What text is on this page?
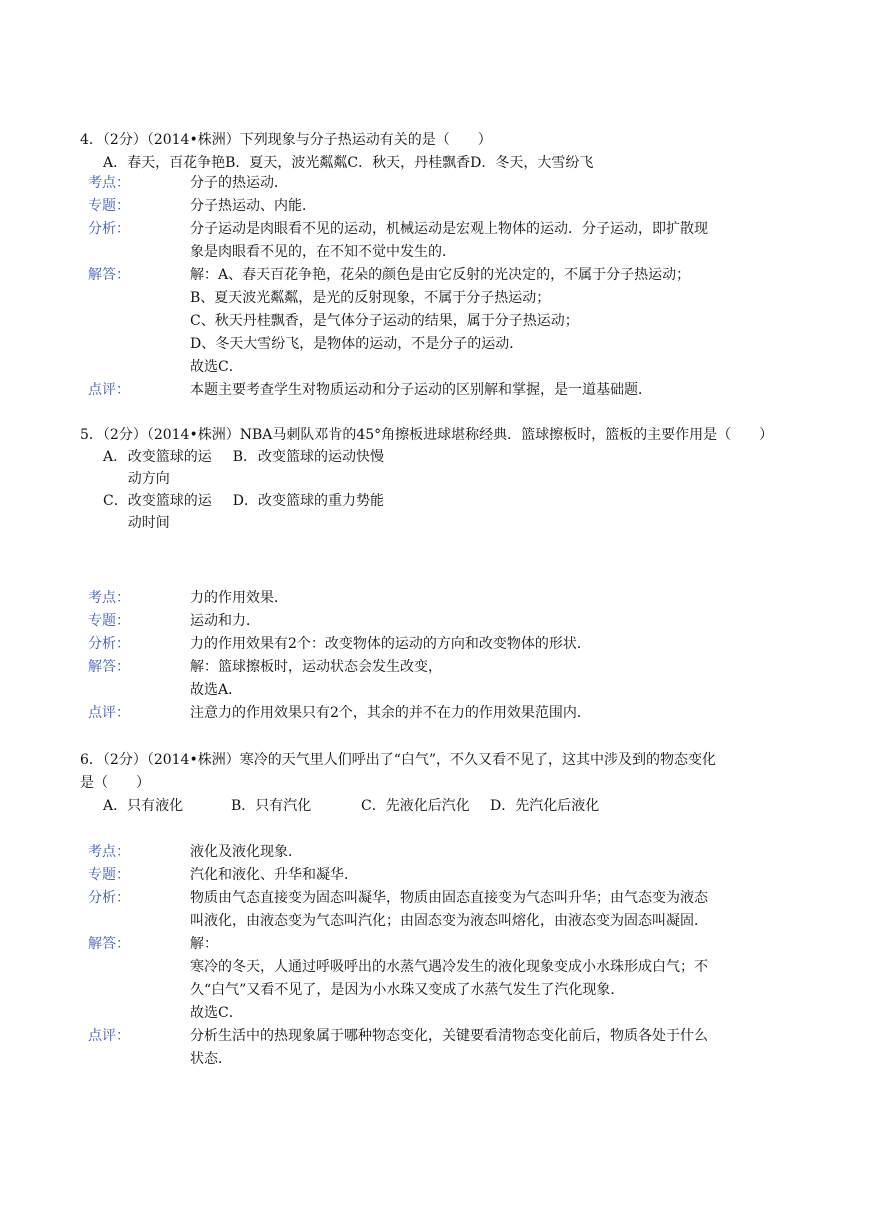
4．（2分）（2014•株洲）下列现象与分子热运动有关的是（　　）
A．春天，百花争艳B．夏天，波光粼粼C．秋天，丹桂飘香D．冬天，大雪纷飞
考点：	分子的热运动．
专题：	分子热运动、内能．
分析：	分子运动是肉眼看不见的运动，机械运动是宏观上物体的运动．分子运动，即扩散现
象是肉眼看不见的，在不知不觉中发生的．
解答：	解：A、春天百花争艳，花朵的颜色是由它反射的光决定的，不属于分子热运动；
B、夏天波光粼粼，是光的反射现象，不属于分子热运动；
C、秋天丹桂飘香，是气体分子运动的结果，属于分子热运动；
D、冬天大雪纷飞，是物体的运动，不是分子的运动．
故选C．
点评：	本题主要考查学生对物质运动和分子运动的区别解和掌握，是一道基础题．
5．（2分）（2014•株洲）NBA马刺队邓肯的45°角擦板进球堪称经典．篮球擦板时，篮板的主要作用是（　　）
A．	改变篮球的运	B．	改变篮球的运动快慢
	动方向		
C．	改变篮球的运	D．	改变篮球的重力势能
	动时间		
考点：	力的作用效果．
专题：	运动和力．
分析：	力的作用效果有2个：改变物体的运动的方向和改变物体的形状．
解答：	解：篮球擦板时，运动状态会发生改变，
故选A．
点评：	注意力的作用效果只有2个，其余的并不在力的作用效果范围内．
6．（2分）（2014•株洲）寒冷的天气里人们呼出了“白气”，不久又看不见了，这其中涉及到的物态变化
是（　　）
A．只有液化	B．只有汽化	C．先液化后汽化 D．先汽化后液化
考点：	液化及液化现象．
专题：	汽化和液化、升华和凝华．
分析：	物质由气态直接变为固态叫凝华，物质由固态直接变为气态叫升华；由气态变为液态
叫液化，由液态变为气态叫汽化；由固态变为液态叫熔化，由液态变为固态叫凝固．
解答：	解：
寒冷的冬天，人通过呼吸呼出的水蒸气遇冷发生的液化现象变成小水珠形成白气；不
久“白气”又看不见了，是因为小水珠又变成了水蒸气发生了汽化现象．
故选C．
点评：	分析生活中的热现象属于哪种物态变化，关键要看清物态变化前后，物质各处于什么
状态．
